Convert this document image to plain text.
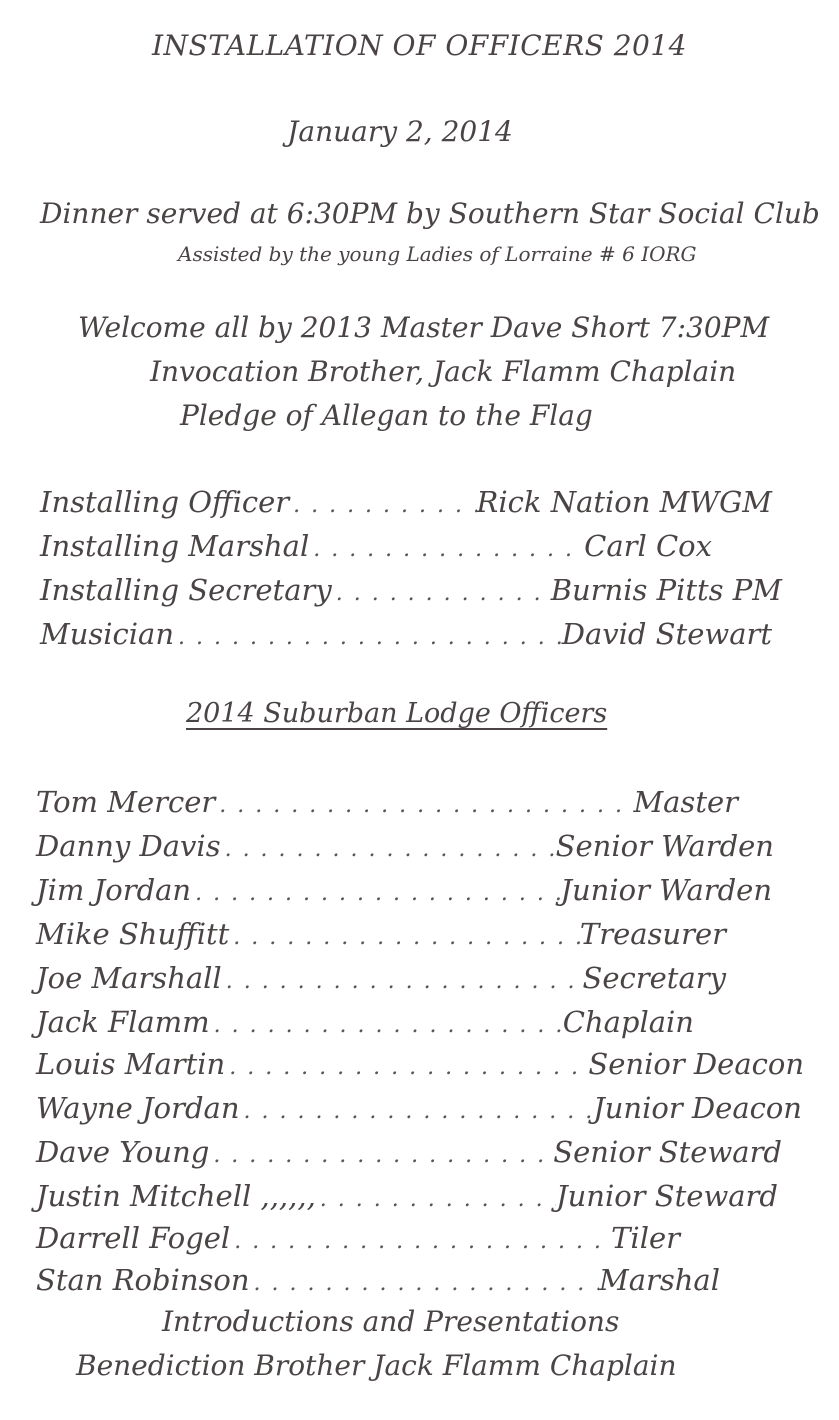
INSTALLATION OF OFFICERS 2014
January 2, 2014
Dinner served at 6:30PM by Southern Star Social Club
Assisted by the young Ladies of Lorraine # 6 IORG
Welcome all by 2013 Master Dave Short 7:30PM
Invocation Brother, Jack Flamm Chaplain
Pledge of Allegan to the Flag
Installing Officer . . .	Rick Nation MWGM
Installing Marshal . . .	Carl Cox
Installing Secretary . . .	Burnis Pitts PM
Musician . . .	David Stewart
2014 Suburban Lodge Officers
Tom Mercer . . .	Master
Danny Davis . . .	Senior Warden
Jim Jordan . . .	Junior Warden
Mike Shuffitt . . .	Treasurer
Joe Marshall . . .	Secretary
Jack Flamm . . .	Chaplain
Louis Martin . . .	Senior Deacon
Wayne Jordan . . .	Junior Deacon
Dave Young . . .	Senior Steward
Justin Mitchell ,,,,,, . . .	Junior Steward
Darrell Fogel . . .	Tiler
Stan Robinson . . .	Marshal
Introductions and Presentations
Benediction Brother Jack Flamm Chaplain
